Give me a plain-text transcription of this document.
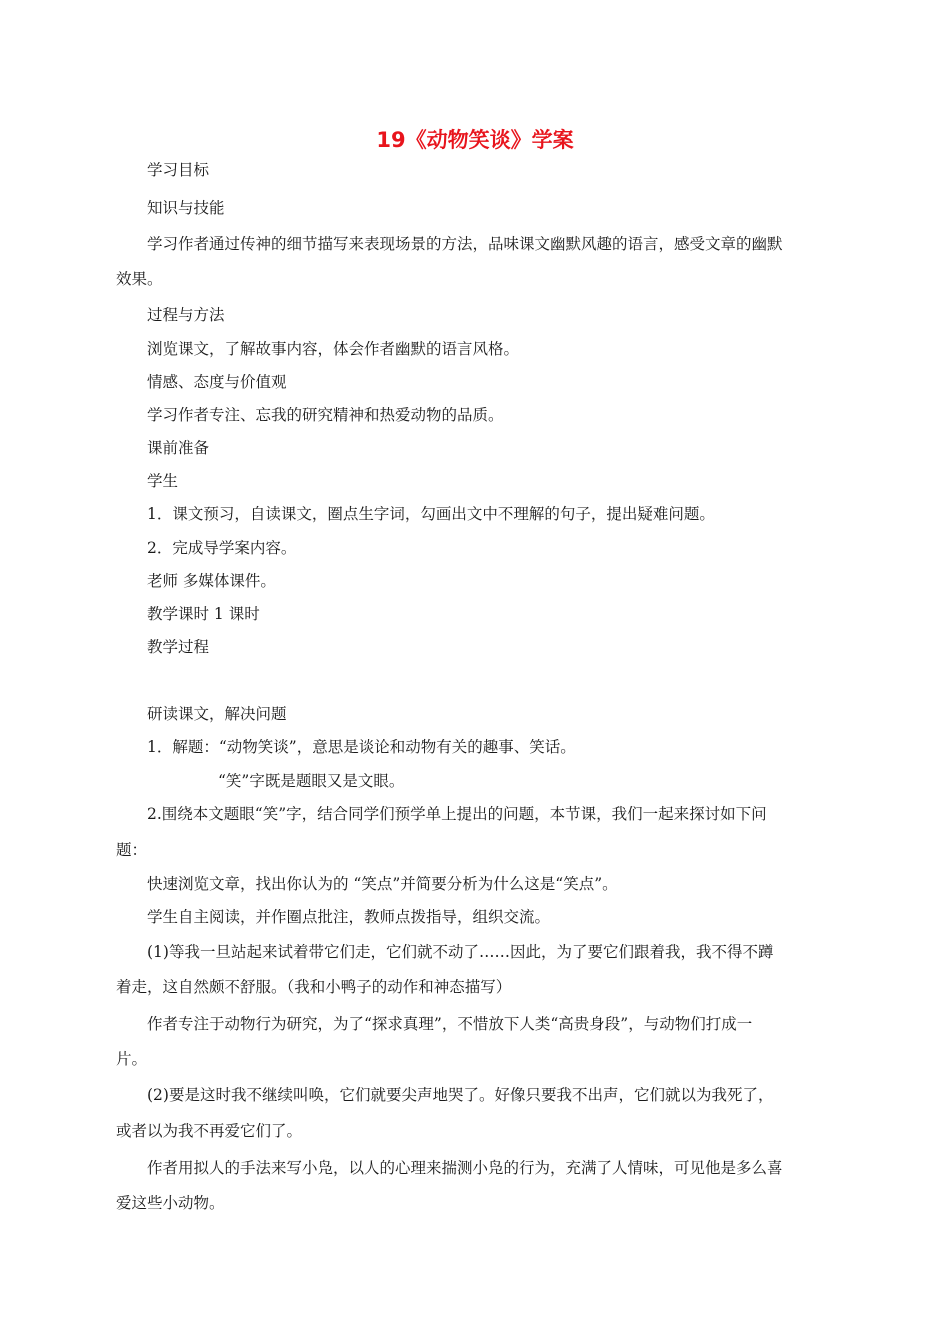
19《动物笑谈》学案
学习目标
知识与技能
学习作者通过传神的细节描写来表现场景的方法，品味课文幽默风趣的语言，感受文章的幽默
效果。
过程与方法
浏览课文，了解故事内容，体会作者幽默的语言风格。
情感、态度与价值观
学习作者专注、忘我的研究精神和热爱动物的品质。
课前准备
学生
1．课文预习，自读课文，圈点生字词，勾画出文中不理解的句子，提出疑难问题。
2．完成导学案内容。
老师 多媒体课件。
教学课时 1 课时
教学过程
研读课文，解决问题
1．解题：“动物笑谈”，意思是谈论和动物有关的趣事、笑话。
“笑”字既是题眼又是文眼。
2.围绕本文题眼“笑”字，结合同学们预学单上提出的问题，本节课，我们一起来探讨如下问
题：
快速浏览文章，找出你认为的 “笑点”并简要分析为什么这是“笑点”。
学生自主阅读，并作圈点批注，教师点拨指导，组织交流。
(1)等我一旦站起来试着带它们走，它们就不动了……因此，为了要它们跟着我，我不得不蹲
着走，这自然颇不舒服。（我和小鸭子的动作和神态描写）
作者专注于动物行为研究，为了“探求真理”，不惜放下人类“高贵身段”，与动物们打成一
片。
(2)要是这时我不继续叫唤，它们就要尖声地哭了。好像只要我不出声，它们就以为我死了，
或者以为我不再爱它们了。
作者用拟人的手法来写小凫，以人的心理来揣测小凫的行为，充满了人情味，可见他是多么喜
爱这些小动物。
